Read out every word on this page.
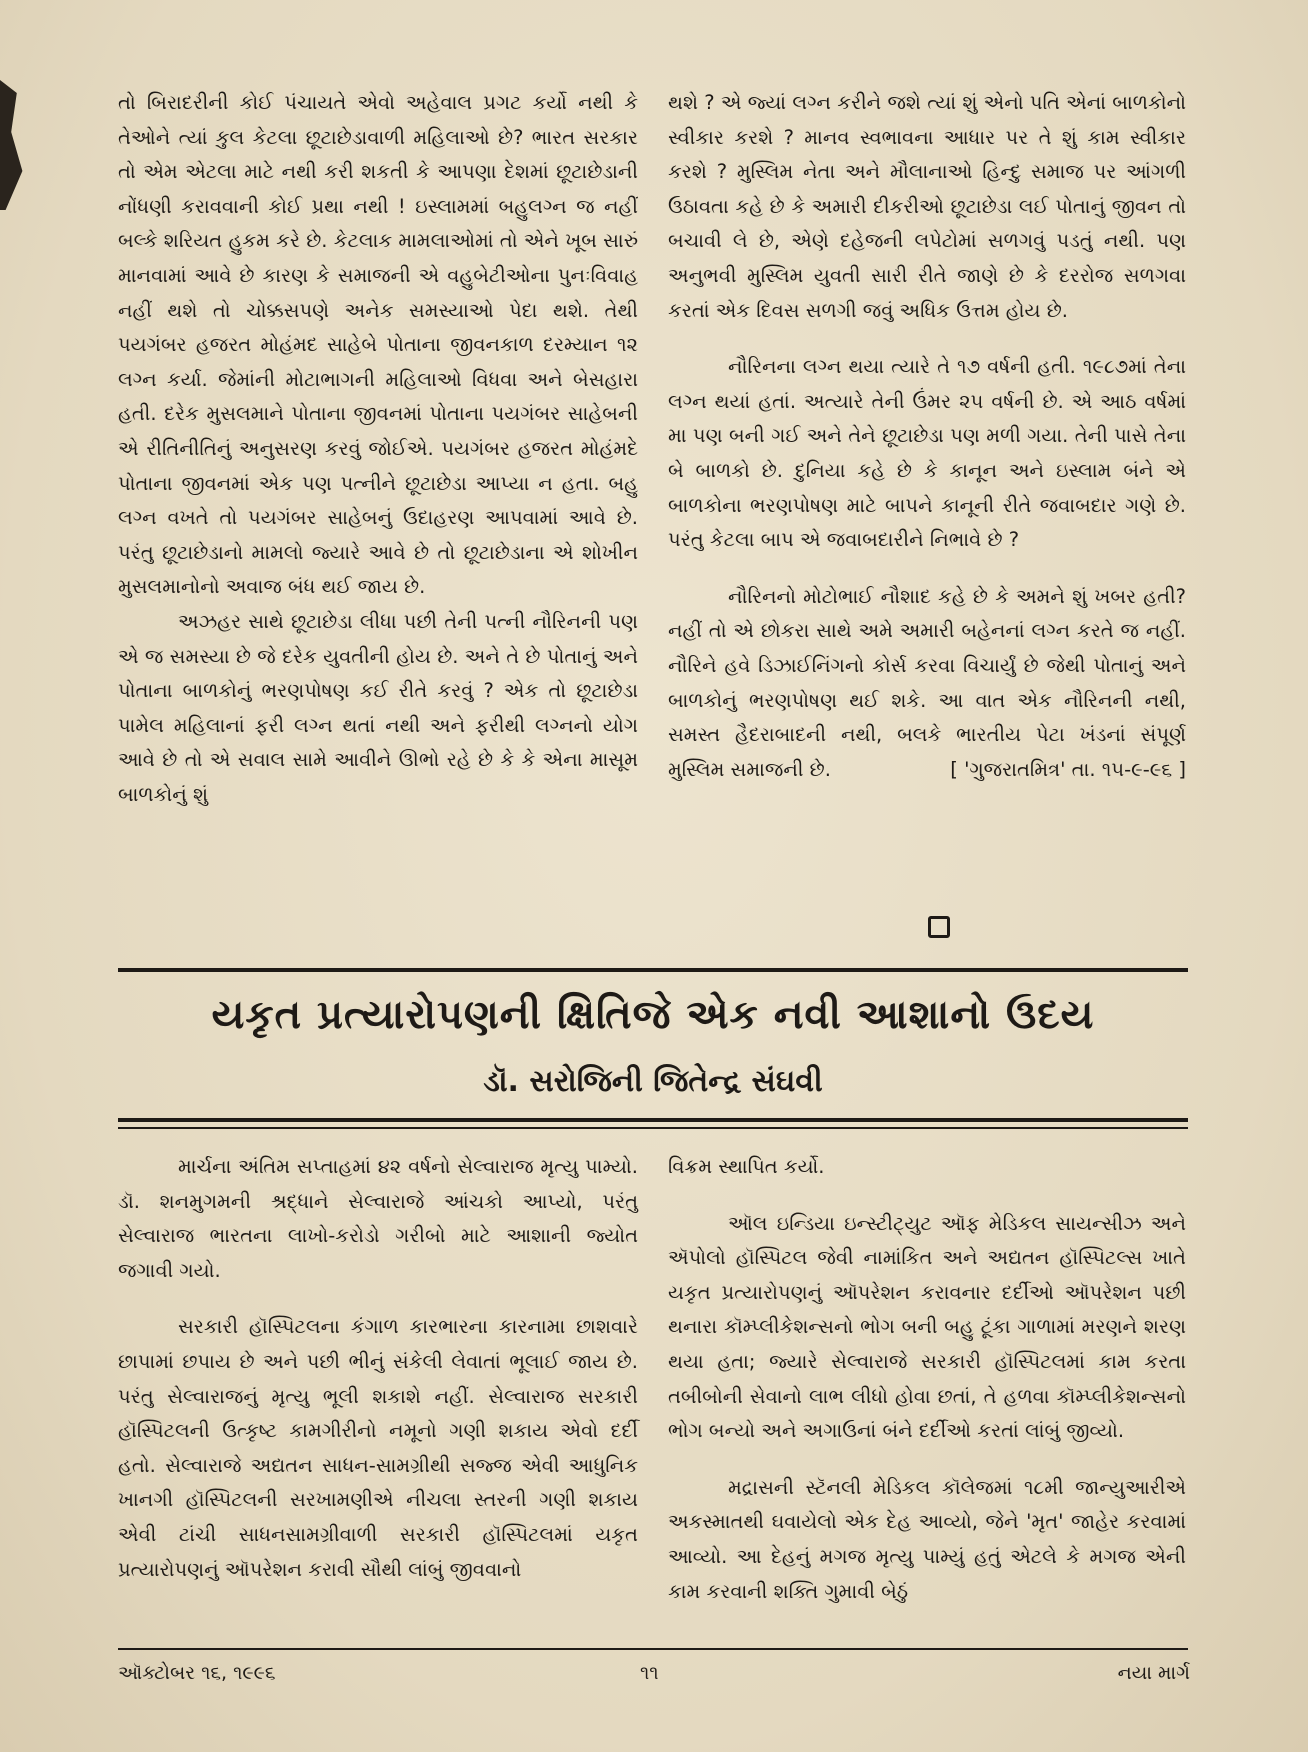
તો બિરાદરીની કોઈ પંચાયતે એવો અહેવાલ પ્રગટ કર્યો નથી કે તેઓને ત્યાં કુલ કેટલા છૂટાછેડાવાળી મહિલાઓ છે? ભારત સરકાર તો એમ એટલા માટે નથી કરી શકતી કે આપણા દેશમાં છૂટાછેડાની નોંધણી કરાવવાની કોઈ પ્રથા નથી ! ઇસ્લામમાં બહુલગ્ન જ નહીં બલ્કે શરિયત હુકમ કરે છે. કેટલાક મામલાઓમાં તો એને ખૂબ સારું માનવામાં આવે છે કારણ કે સમાજની એ વહુબેટીઓના પુનઃવિવાહ નહીં થશે તો ચોક્કસપણે અનેક સમસ્યાઓ પેદા થશે. તેથી પયગંબર હજરત મોહંમદ સાહેબે પોતાના જીવનકાળ દરમ્યાન ૧૨ લગ્ન કર્યા. જેમાંની મોટાભાગની મહિલાઓ વિધવા અને બેસહારા હતી. દરેક મુસલમાને પોતાના જીવનમાં પોતાના પયગંબર સાહેબની એ રીતિનીતિનું અનુસરણ કરવું જોઈએ. પયગંબર હજરત મોહંમદે પોતાના જીવનમાં એક પણ પત્નીને છૂટાછેડા આપ્યા ન હતા. બહુ લગ્ન વખતે તો પયગંબર સાહેબનું ઉદાહરણ આપવામાં આવે છે. પરંતુ છૂટાછેડાનો મામલો જ્યારે આવે છે તો છૂટાછેડાના એ શોખીન મુસલમાનોનો અવાજ બંધ થઈ જાય છે.

અઝહર સાથે છૂટાછેડા લીધા પછી તેની પત્ની નૌરિનની પણ એ જ સમસ્યા છે જે દરેક યુવતીની હોય છે. અને તે છે પોતાનું અને પોતાના બાળકોનું ભરણપોષણ કઈ રીતે કરવું ? એક તો છૂટાછેડા પામેલ મહિલાનાં ફરી લગ્ન થતાં નથી અને ફરીથી લગ્નનો યોગ આવે છે તો એ સવાલ સામે આવીને ઊભો રહે છે કે કે એના માસૂમ બાળકોનું શું

થશે ? એ જ્યાં લગ્ન કરીને જશે ત્યાં શું એનો પતિ એનાં બાળકોનો સ્વીકાર કરશે ? માનવ સ્વભાવના આધાર પર તે શું કામ સ્વીકાર કરશે ? મુસ્લિમ નેતા અને મૌલાનાઓ હિન્દુ સમાજ પર આંગળી ઉઠાવતા કહે છે કે અમારી દીકરીઓ છૂટાછેડા લઈ પોતાનું જીવન તો બચાવી લે છે, એણે દહેજની લપેટોમાં સળગવું પડતું નથી. પણ અનુભવી મુસ્લિમ યુવતી સારી રીતે જાણે છે કે દરરોજ સળગવા કરતાં એક દિવસ સળગી જવું અધિક ઉત્તમ હોય છે.

નૌરિનના લગ્ન થયા ત્યારે તે ૧૭ વર્ષની હતી. ૧૯૮૭માં તેના લગ્ન થયાં હતાં. અત્યારે તેની ઉંમર ૨૫ વર્ષની છે. એ આઠ વર્ષમાં મા પણ બની ગઈ અને તેને છૂટાછેડા પણ મળી ગયા. તેની પાસે તેના બે બાળકો છે. દુનિયા કહે છે કે કાનૂન અને ઇસ્લામ બંને એ બાળકોના ભરણપોષણ માટે બાપને કાનૂની રીતે જવાબદાર ગણે છે. પરંતુ કેટલા બાપ એ જવાબદારીને નિભાવે છે ?

નૌરિનનો મોટોભાઈ નૌશાદ કહે છે કે અમને શું ખબર હતી? નહીં તો એ છોકરા સાથે અમે અમારી બહેનનાં લગ્ન કરતે જ નહીં. નૌરિને હવે ડિઝાઈનિંગનો કોર્સ કરવા વિચાર્યું છે જેથી પોતાનું અને બાળકોનું ભરણપોષણ થઈ શકે. આ વાત એક નૌરિનની નથી, સમસ્ત હૈદરાબાદની નથી, બલકે ભારતીય પેટા ખંડનાં સંપૂર્ણ મુસ્લિમ સમાજની છે.	[ 'ગુજરાતમિત્ર' તા. ૧૫-૯-૯૬ ]

યકૃત પ્રત્યારોપણની ક્ષિતિજે એક નવી આશાનો ઉદય
ડૉ. સરોજિની જિતેન્દ્ર સંઘવી

માર્ચના અંતિમ સપ્તાહમાં ૪૨ વર્ષનો સેલ્વારાજ મૃત્યુ પામ્યો. ડૉ. શનમુગમની શ્રદ્ધાને સેલ્વારાજે આંચકો આપ્યો, પરંતુ સેલ્વારાજ ભારતના લાખો-કરોડો ગરીબો માટે આશાની જ્યોત જગાવી ગયો.

સરકારી હૉસ્પિટલના કંગાળ કારભારના કારનામા છાશવારે છાપામાં છપાય છે અને પછી ભીનું સંકેલી લેવાતાં ભૂલાઈ જાય છે. પરંતુ સેલ્વારાજનું મૃત્યુ ભૂલી શકાશે નહીં. સેલ્વારાજ સરકારી હૉસ્પિટલની ઉત્કૃષ્ટ કામગીરીનો નમૂનો ગણી શકાય એવો દર્દી હતો. સેલ્વારાજે અદ્યતન સાધન-સામગ્રીથી સજ્જ એવી આધુનિક ખાનગી હૉસ્પિટલની સરખામણીએ નીચલા સ્તરની ગણી શકાય એવી ટાંચી સાધનસામગ્રીવાળી સરકારી હૉસ્પિટલમાં યકૃત પ્રત્યારોપણનું ઑપરેશન કરાવી સૌથી લાંબું જીવવાનો

વિક્રમ સ્થાપિત કર્યો.

ઑલ ઇન્ડિયા ઇન્સ્ટીટ્યુટ ઑફ મેડિકલ સાયન્સીઝ અને ઍપોલો હૉસ્પિટલ જેવી નામાંકિત અને અદ્યતન હૉસ્પિટલ્સ ખાતે યકૃત પ્રત્યારોપણનું ઑપરેશન કરાવનાર દર્દીઓ ઑપરેશન પછી થનારા કૉમ્પ્લીકેશન્સનો ભોગ બની બહુ ટૂંકા ગાળામાં મરણને શરણ થયા હતા; જ્યારે સેલ્વારાજે સરકારી હૉસ્પિટલમાં કામ કરતા તબીબોની સેવાનો લાભ લીધો હોવા છતાં, તે હળવા કૉમ્પ્લીકેશન્સનો ભોગ બન્યો અને અગાઉનાં બંને દર્દીઓ કરતાં લાંબું જીવ્યો.

મદ્રાસની સ્ટૅનલી મેડિકલ કૉલેજમાં ૧૮મી જાન્યુઆરીએ અકસ્માતથી ઘવાયેલો એક દેહ આવ્યો, જેને 'મૃત' જાહેર કરવામાં આવ્યો. આ દેહનું મગજ મૃત્યુ પામ્યું હતું એટલે કે મગજ એની કામ કરવાની શક્તિ ગુમાવી બેઠું

ઑક્ટોબર ૧૬, ૧૯૯૬	૧૧	નયા માર્ગ
